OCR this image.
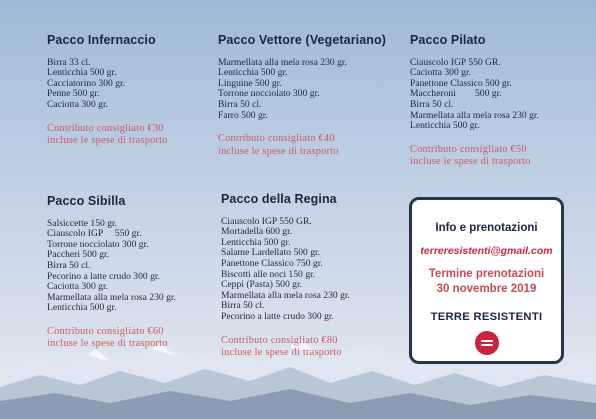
Pacco Infernaccio
Birra 33 cl.
Lenticchia 500 gr.
Cacciatorino 300 gr.
Penne 500 gr.
Caciotta 300 gr.
Contributo consigliato €30
incluse le spese di trasporto
Pacco Vettore (Vegetariano)
Marmellata alla mela rosa 230 gr.
Lenticchia 500 gr.
Linguine 500 gr.
Torrone nocciolato 300 gr.
Birra 50 cl.
Farro 500 gr.
Contributo consigliato €40
incluse le spese di trasporto
Pacco Pilato
Ciauscolo IGP 550 GR.
Caciotta 300 gr.
Panettone Classico 500 gr.
Maccheroni        500 gr.
Birra 50 cl.
Marmellata alla mela rosa 230 gr.
Lenticchia 500 gr.
Contributo consigliato €50
incluse le spese di trasporto
Pacco Sibilla
Salsiccette 150 gr.
Ciauscolo IGP     550 gr.
Torrone nocciolato 300 gr.
Paccheri 500 gr.
Birra 50 cl.
Pecorino a latte crudo 300 gr.
Caciotta 300 gr.
Marmellata alla mela rosa 230 gr.
Lenticchia 500 gr.
Contributo consigliato €60
incluse le spese di trasporto
Pacco della Regina
Ciauscolo IGP 550 GR.
Mortadella 600 gr.
Lenticchia 500 gr.
Salame Lardellato 500 gr.
Panettone Classico 750 gr.
Biscotti alle noci 150 gr.
Ceppi (Pasta) 500 gr.
Marmellata alla mela rosa 230 gr.
Birra 50 cl.
Pecorino a latte crudo 300 gr.
Contributo consigliato €80
incluse le spese di trasporto
Info e prenotazioni
terreresistenti@gmail.com
Termine prenotazioni
30 novembre 2019
TERRE RESISTENTI
